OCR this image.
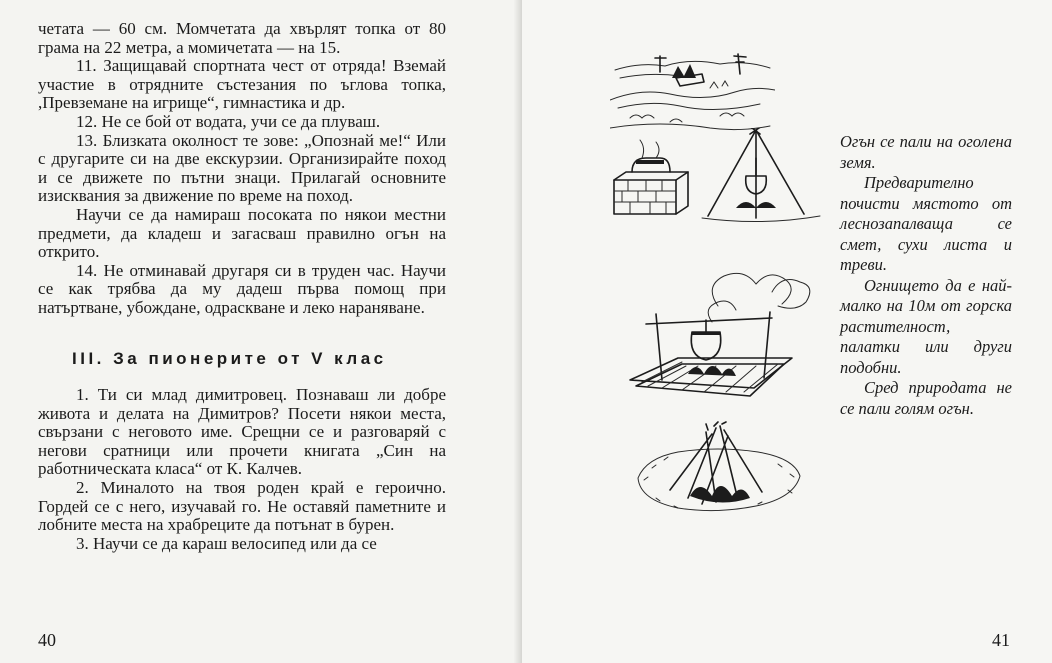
четата — 60 см. Момчетата да хвърлят топка от 80 грама на 22 метра, а момичетата — на 15.

11. Защищавай спортната чест от отряда! Вземай участие в отрядните състезания по ъглова топка, ,Превземане на игрище“, гимнастика и др.

12. Не се бой от водата, учи се да плуваш.

13. Близката околност те зове: „Опознай ме!“ Или с другарите си на две екскурзии. Организирайте поход и се движете по пътни знаци. Прилагай основните изисквания за движение по време на поход.

Научи се да намираш посоката по някои местни предмети, да кладеш и загасваш правилно огън на открито.

14. Не отминавай другаря си в труден час. Научи се как трябва да му дадеш първа помощ при натъртване, убождане, одраскване и леко нараняване.

III. За пионерите от V клас

1. Ти си млад димитровец. Познаваш ли добре живота и делата на Димитров? Посети някои места, свързани с неговото име. Срещни се и разговаряй с негови сратници или прочети книгата „Син на работническата класа“ от К. Калчев.

2. Миналото на твоя роден край е героично. Гордей се с него, изучавай го. Не оставяй паметните и лобните места на храбреците да потънат в бурен.

3. Научи се да караш велосипед или да се

40

Огън се пали на оголена земя.

Предварително почисти мястото от леснозапалваща се смет, сухи листа и треви.

Огнището да е най-малко на 10м от горска растителност, палатки или други подобни.

Сред природата не се пали голям огън.

41
